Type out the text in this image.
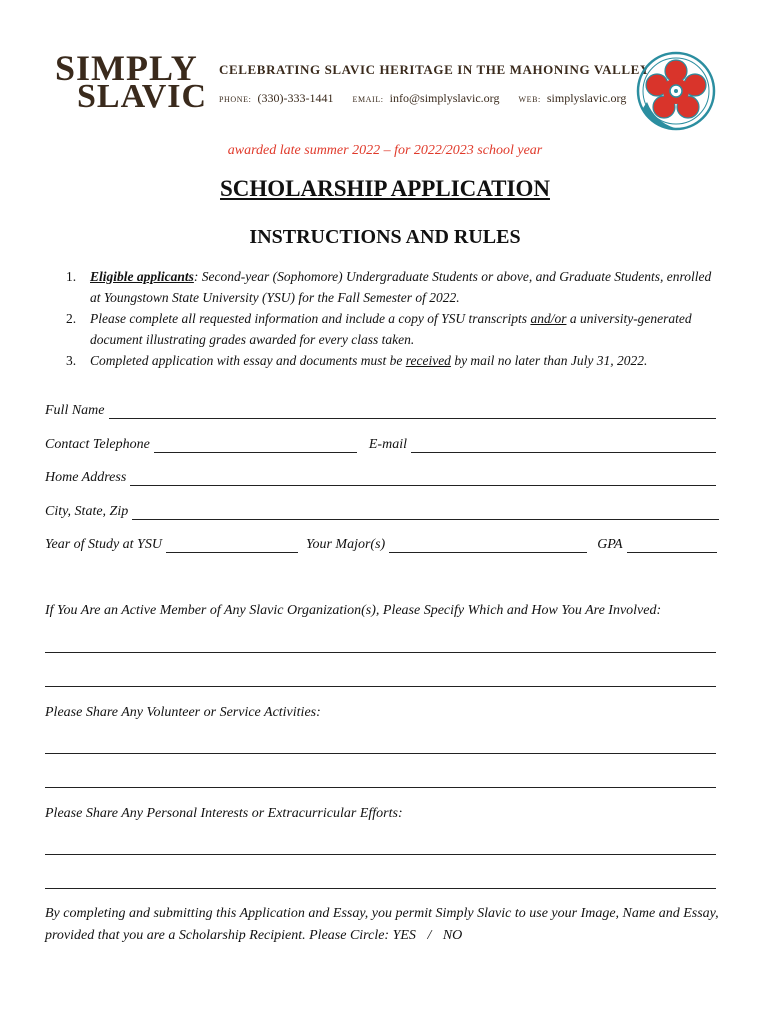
SIMPLY
SLAVIC
CELEBRATING SLAVIC HERITAGE IN THE MAHONING VALLEY
PHONE: (330)-333-1441 EMAIL: info@simplyslavic.org WEB: simplyslavic.org
awarded late summer 2022 – for 2022/2023 school year
SCHOLARSHIP APPLICATION
INSTRUCTIONS AND RULES
1. Eligible applicants: Second-year (Sophomore) Undergraduate Students or above, and Graduate Students, enrolled at Youngstown State University (YSU) for the Fall Semester of 2022.
2. Please complete all requested information and include a copy of YSU transcripts and/or a university-generated document illustrating grades awarded for every class taken.
3. Completed application with essay and documents must be received by mail no later than July 31, 2022.
Full Name
Contact Telephone	E-mail
Home Address
City, State, Zip
Year of Study at YSU	Your Major(s)	GPA
If You Are an Active Member of Any Slavic Organization(s), Please Specify Which and How You Are Involved:
Please Share Any Volunteer or Service Activities:
Please Share Any Personal Interests or Extracurricular Efforts:
By completing and submitting this Application and Essay, you permit Simply Slavic to use your Image, Name and Essay, provided that you are a Scholarship Recipient. Please Circle: YES / NO
